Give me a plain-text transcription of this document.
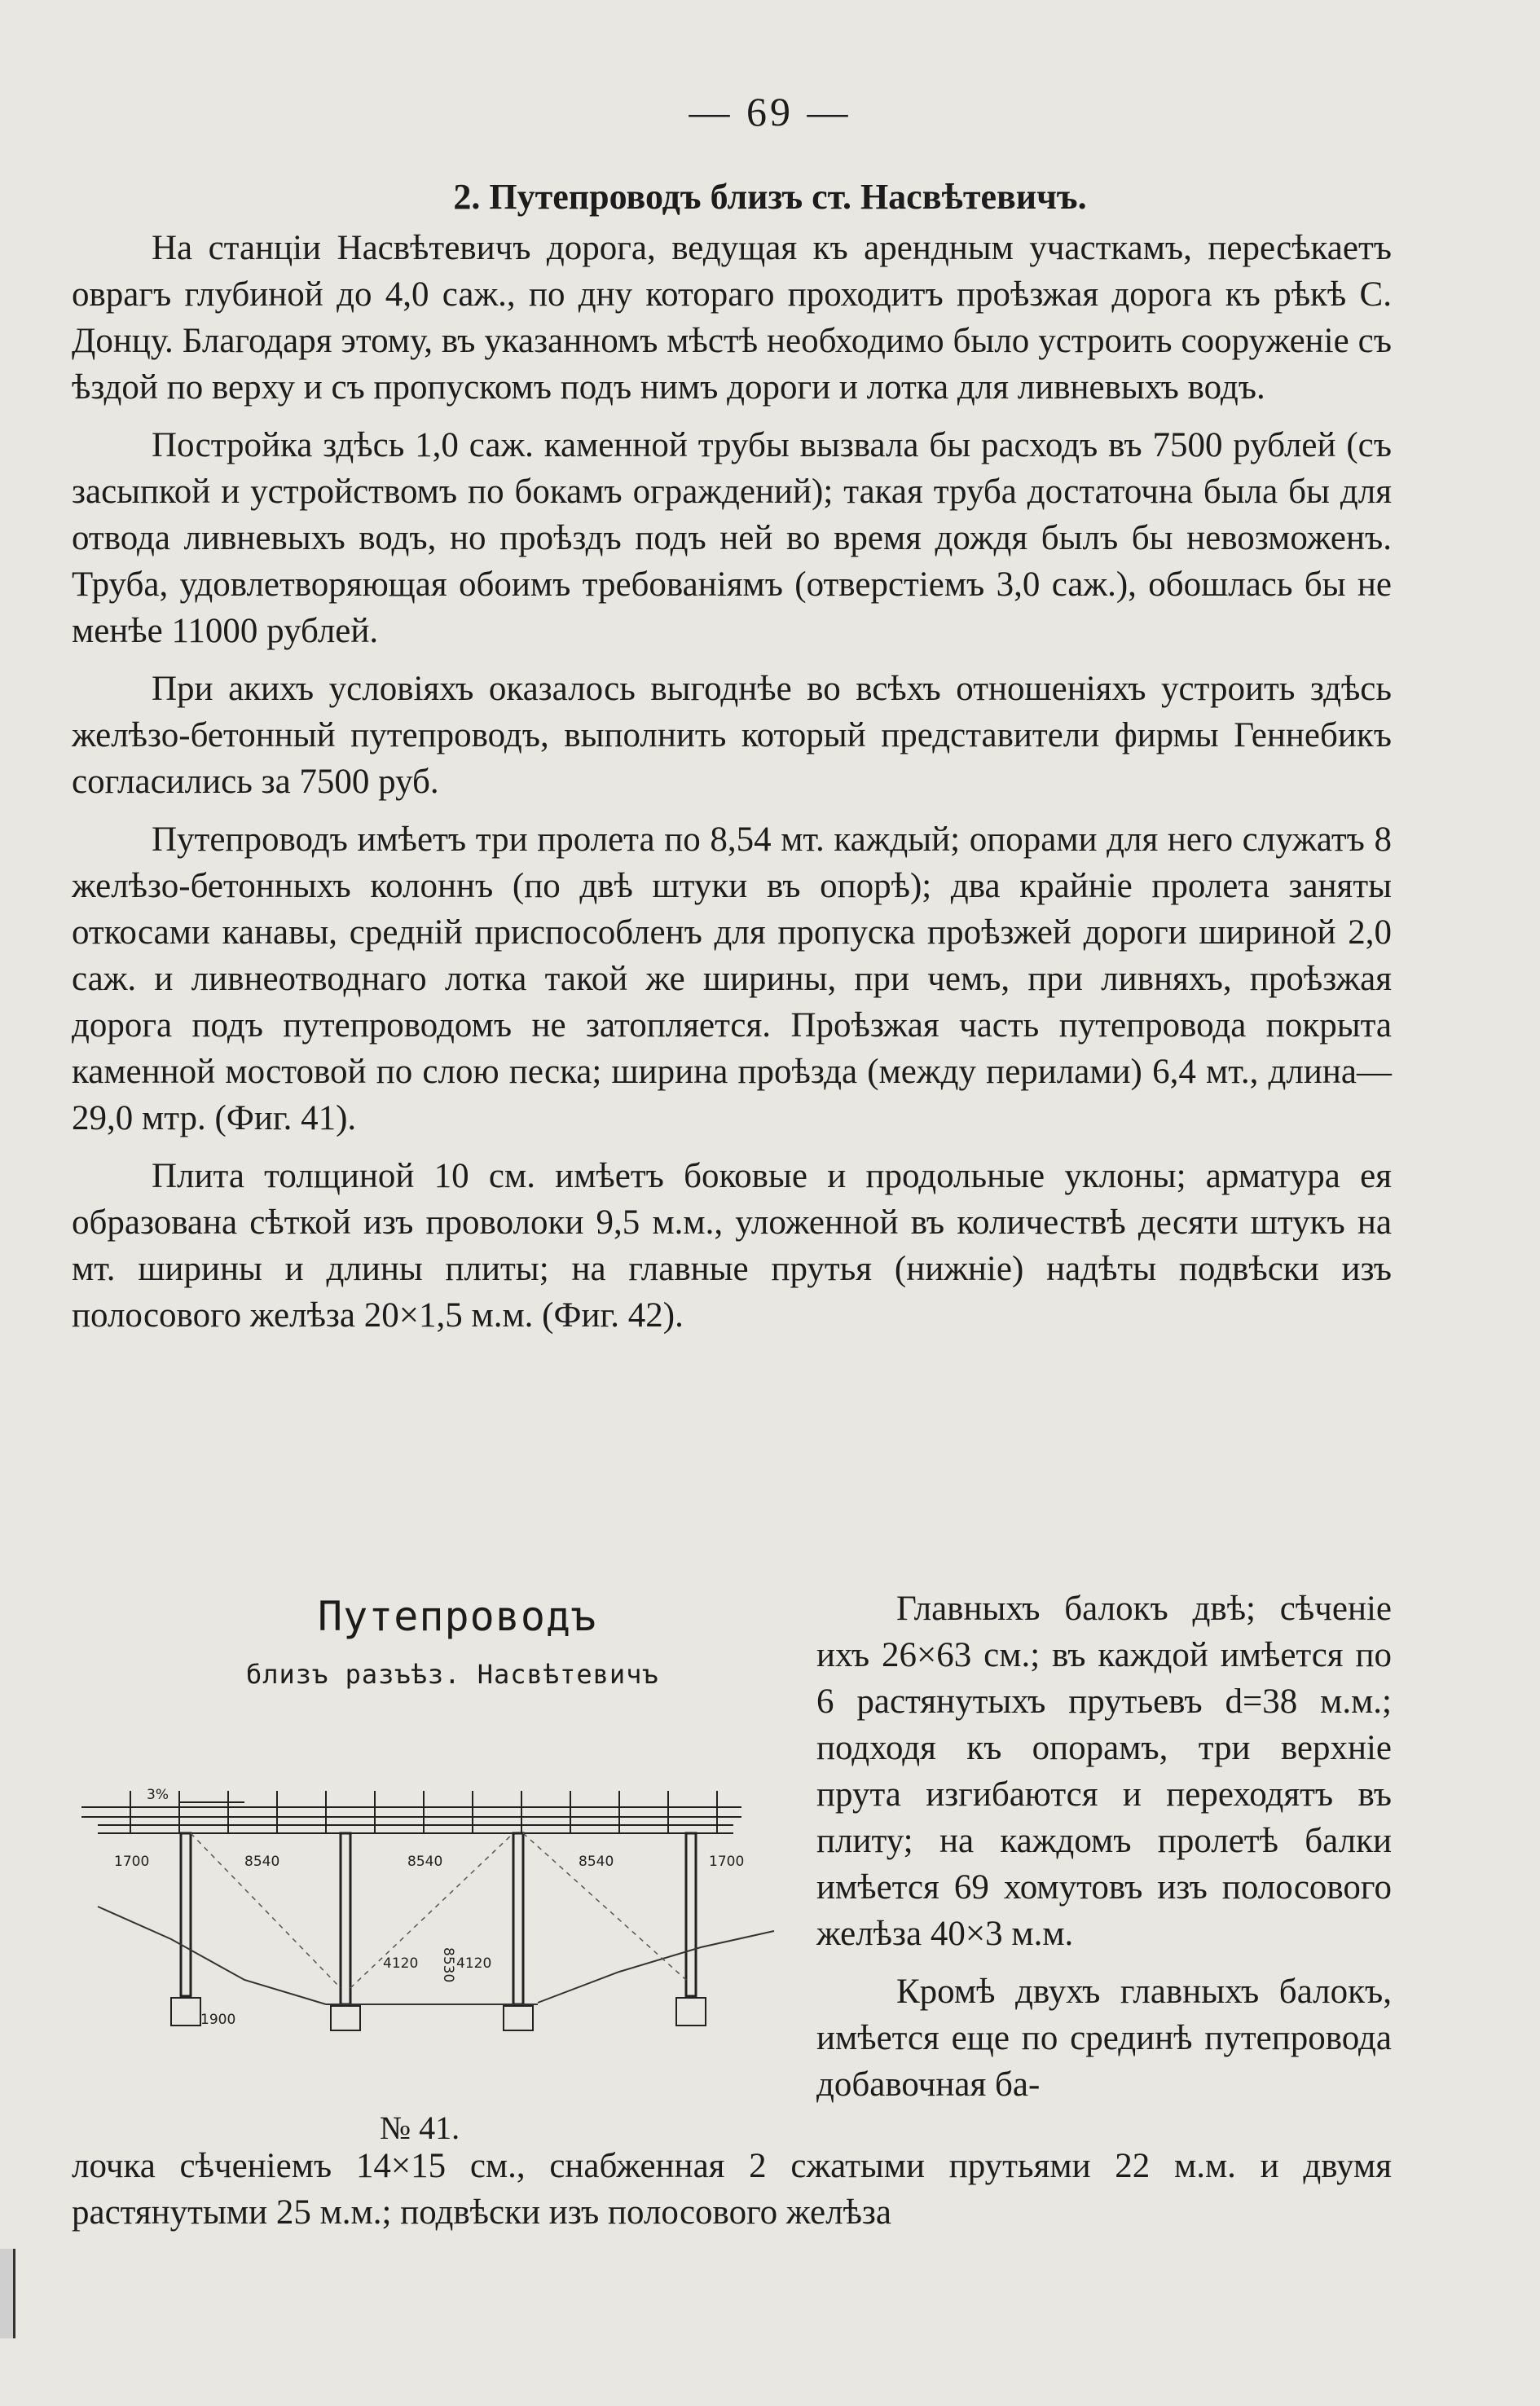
— 69 —
2. Путепроводъ близъ ст. Насвѣтевичъ.

На станціи Насвѣтевичъ дорога, ведущая къ арендным участкамъ, пересѣкаетъ оврагъ глубиной до 4,0 саж., по дну котораго проходитъ проѣзжая дорога къ рѣкѣ С. Донцу. Благодаря этому, въ указанномъ мѣстѣ необходимо было устроить сооруженіе съ ѣздой по верху и съ пропускомъ подъ нимъ дороги и лотка для ливневыхъ водъ.

Постройка здѣсь 1,0 саж. каменной трубы вызвала бы расходъ въ 7500 рублей (съ засыпкой и устройствомъ по бокамъ ограждений); такая труба достаточна была бы для отвода ливневыхъ водъ, но проѣздъ подъ ней во время дождя былъ бы невозможенъ. Труба, удовлетворяющая обоимъ требованіямъ (отверстіемъ 3,0 саж.), обошлась бы не менѣе 11000 рублей.

При акихъ условіяхъ оказалось выгоднѣе во всѣхъ отношеніяхъ устроить здѣсь желѣзо-бетонный путепроводъ, выполнить который представители фирмы Геннебикъ согласились за 7500 руб.

Путепроводъ имѣетъ три пролета по 8,54 мт. каждый; опорами для него служатъ 8 желѣзо-бетонныхъ колоннъ (по двѣ штуки въ опорѣ); два крайніе пролета заняты откосами канавы, средній приспособленъ для пропуска проѣзжей дороги шириной 2,0 саж. и ливнеотводнаго лотка такой же ширины, при чемъ, при ливняхъ, проѣзжая дорога подъ путепроводомъ не затопляется. Проѣзжая часть путепровода покрыта каменной мостовой по слою песка; ширина проѣзда (между перилами) 6,4 мт., длина—29,0 мтр. (Фиг. 41).

Плита толщиной 10 см. имѣетъ боковые и продольные уклоны; арматура ея образована сѣткой изъ проволоки 9,5 м.м., уложенной въ количествѣ десяти штукъ на мт. ширины и длины плиты; на главные прутья (нижніе) надѣты подвѣски изъ полосового желѣза 20×1,5 м.м. (Фиг. 42).

Путепроводъ
близъ разъѣз. Насвѣтевичъ
3%
1700	8540	8540	8540	1700
8530
4120	4120
1900
№ 41.

Главныхъ балокъ двѣ; сѣченіе ихъ 26×63 см.; въ каждой имѣется по 6 растянутыхъ прутьевъ d=38 м.м.; подходя къ опорамъ, три верхніе прута изгибаются и переходятъ въ плиту; на каждомъ пролетѣ балки имѣется 69 хомутовъ изъ полосового желѣза 40×3 м.м.

Кромѣ двухъ главныхъ балокъ, имѣется еще по срединѣ путепровода добавочная ба-

лочка сѣченіемъ 14×15 см., снабженная 2 сжатыми прутьями 22 м.м. и двумя растянутыми 25 м.м.; подвѣски изъ полосового желѣза
